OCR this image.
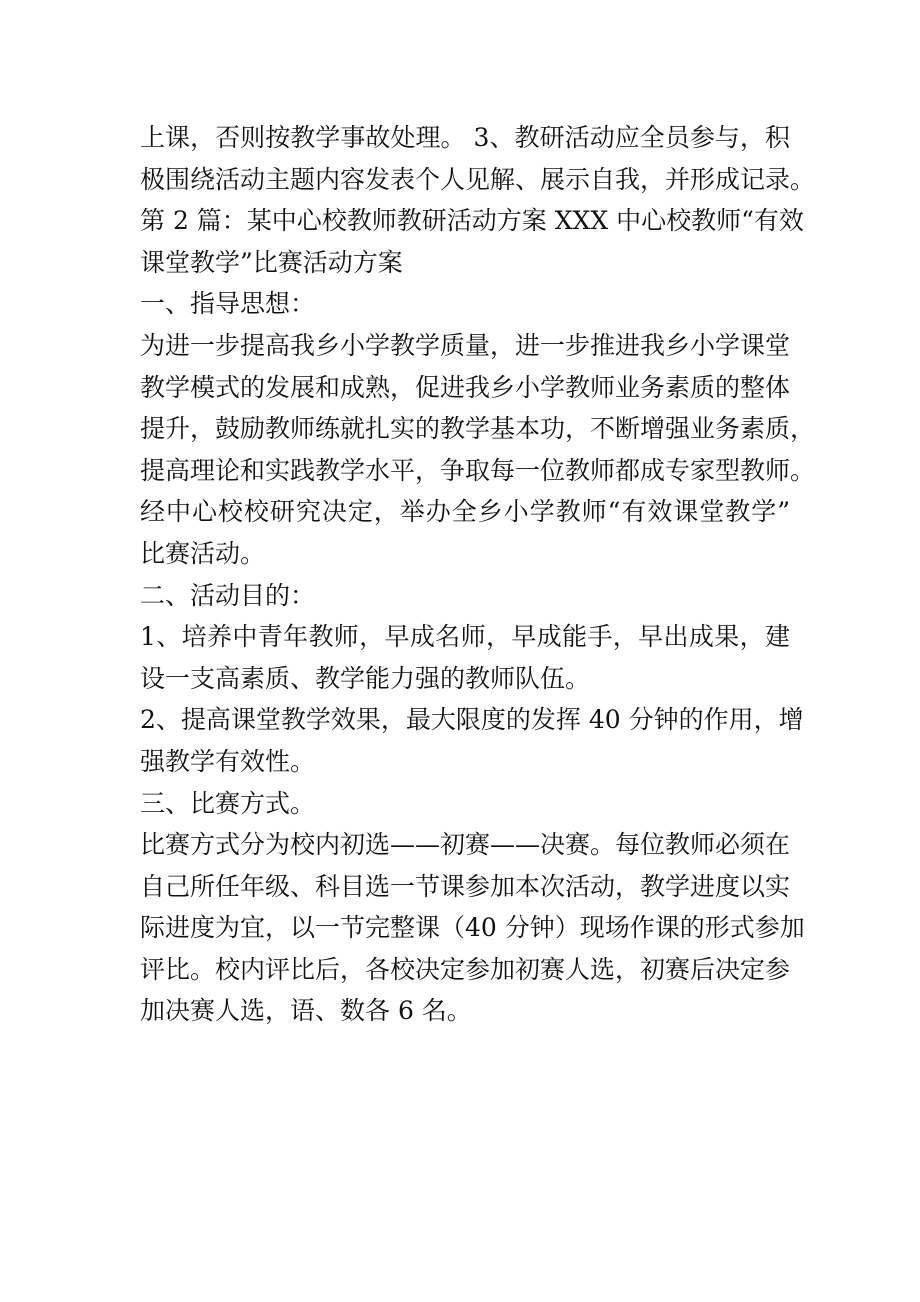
上课，否则按教学事故处理。 3、教研活动应全员参与，积
极围绕活动主题内容发表个人见解、展示自我，并形成记录。
第 2 篇：某中心校教师教研活动方案 XXX 中心校教师“有效
课堂教学”比赛活动方案
一、指导思想：
为进一步提高我乡小学教学质量，进一步推进我乡小学课堂
教学模式的发展和成熟，促进我乡小学教师业务素质的整体
提升，鼓励教师练就扎实的教学基本功，不断增强业务素质，
提高理论和实践教学水平，争取每一位教师都成专家型教师。
经中心校校研究决定，举办全乡小学教师“有效课堂教学”
比赛活动。
二、活动目的：
1、培养中青年教师，早成名师，早成能手，早出成果，建
设一支高素质、教学能力强的教师队伍。
2、提高课堂教学效果，最大限度的发挥 40 分钟的作用，增
强教学有效性。
三、比赛方式。
比赛方式分为校内初选——初赛——决赛。每位教师必须在
自己所任年级、科目选一节课参加本次活动，教学进度以实
际进度为宜，以一节完整课（40 分钟）现场作课的形式参加
评比。校内评比后，各校决定参加初赛人选，初赛后决定参
加决赛人选，语、数各 6 名。
